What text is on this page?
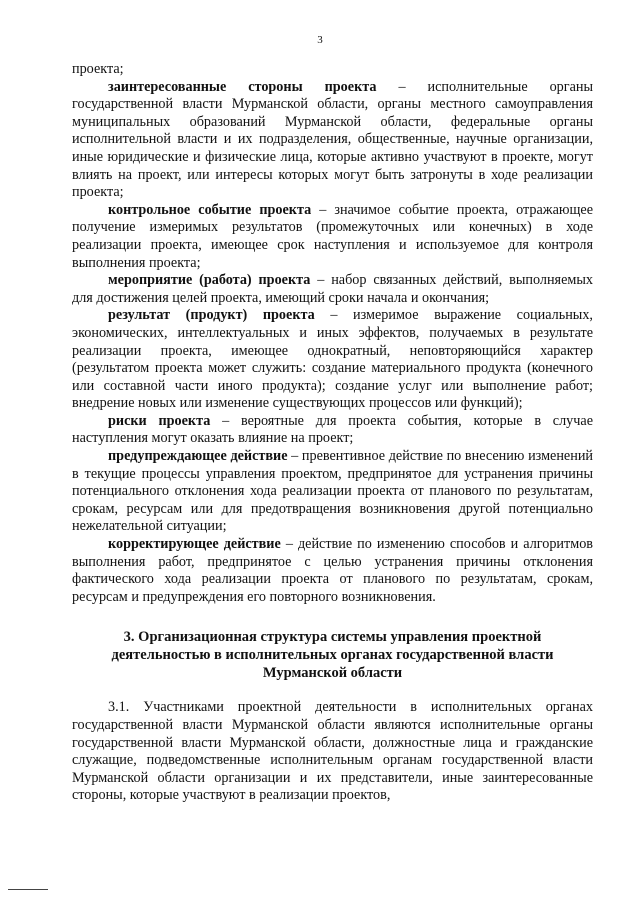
3

проекта;

заинтересованные стороны проекта – исполнительные органы государственной власти Мурманской области, органы местного самоуправления муниципальных образований Мурманской области, федеральные органы исполнительной власти и их подразделения, общественные, научные организации, иные юридические и физические лица, которые активно участвуют в проекте, могут влиять на проект, или интересы которых могут быть затронуты в ходе реализации проекта;

контрольное событие проекта – значимое событие проекта, отражающее получение измеримых результатов (промежуточных или конечных) в ходе реализации проекта, имеющее срок наступления и используемое для контроля выполнения проекта;

мероприятие (работа) проекта – набор связанных действий, выполняемых для достижения целей проекта, имеющий сроки начала и окончания;

результат (продукт) проекта – измеримое выражение социальных, экономических, интеллектуальных и иных эффектов, получаемых в результате реализации проекта, имеющее однократный, неповторяющийся характер (результатом проекта может служить: создание материального продукта (конечного или составной части иного продукта); создание услуг или выполнение работ; внедрение новых или изменение существующих процессов или функций);

риски проекта – вероятные для проекта события, которые в случае наступления могут оказать влияние на проект;

предупреждающее действие – превентивное действие по внесению изменений в текущие процессы управления проектом, предпринятое для устранения причины потенциального отклонения хода реализации проекта от планового по результатам, срокам, ресурсам или для предотвращения возникновения другой потенциально нежелательной ситуации;

корректирующее действие – действие по изменению способов и алгоритмов выполнения работ, предпринятое с целью устранения причины отклонения фактического хода реализации проекта от планового по результатам, срокам, ресурсам и предупреждения его повторного возникновения.

3. Организационная структура системы управления проектной
деятельностью в исполнительных органах государственной власти
Мурманской области

3.1. Участниками проектной деятельности в исполнительных органах государственной власти Мурманской области являются исполнительные органы государственной власти Мурманской области, должностные лица и гражданские служащие, подведомственные исполнительным органам государственной власти Мурманской области организации и их представители, иные заинтересованные стороны, которые участвуют в реализации проектов,
